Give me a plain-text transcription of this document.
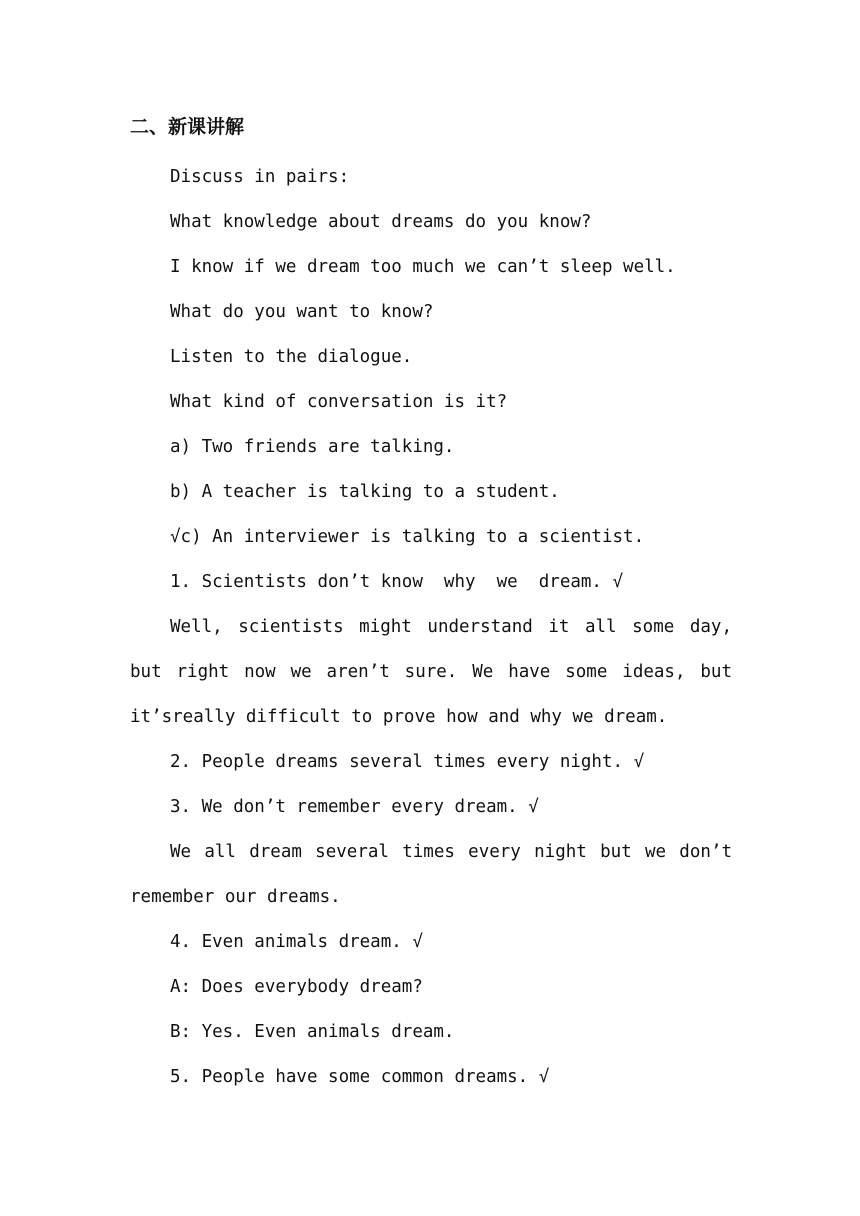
二、新课讲解

Discuss in pairs:

What knowledge about dreams do you know?

I know if we dream too much we can’t sleep well.

What do you want to know?

Listen to the dialogue.

What kind of conversation is it?

a) Two friends are talking.

b) A teacher is talking to a student.

√c) An interviewer is talking to a scientist.

1. Scientists don’t know  why  we  dream. √

Well, scientists might understand it all some day, but right now we aren’t sure. We have some ideas, but it’sreally difficult to prove how and why we dream.

2. People dreams several times every night. √

3. We don’t remember every dream. √

We all dream several times every night but we don’t remember our dreams.

4. Even animals dream. √

A: Does everybody dream?

B: Yes. Even animals dream.

5. People have some common dreams. √
